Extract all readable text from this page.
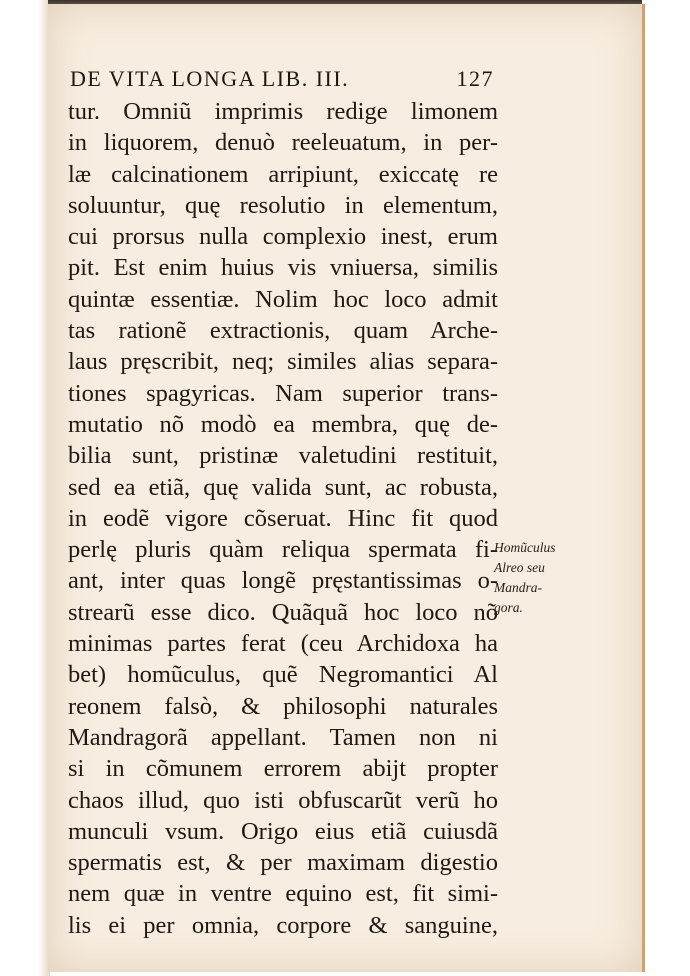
DE VITA LONGA LIB. III.	127
tur. Omniũ imprimis redige limonem
in liquorem, denuò reeleuatum, in per-
læ calcinationem arripiunt, exiccatę re
soluuntur, quę resolutio in elementum,
cui prorsus nulla complexio inest, erum
pit. Est enim huius vis vniuersa, similis
quintæ essentiæ. Nolim hoc loco admit
tas rationẽ extractionis, quam Arche-
laus pręscribit, neq; similes alias separa-
tiones spagyricas. Nam superior trans-
mutatio nõ modò ea membra, quę de-
bilia sunt, pristinæ valetudini restituit,
sed ea etiã, quę valida sunt, ac robusta,
in eodẽ vigore cõseruat. Hinc fit quod
perlę pluris quàm reliqua spermata fi-
ant, inter quas longẽ pręstantissimas o-
strearũ esse dico. Quãquã hoc loco nõ
minimas partes ferat (ceu Archidoxa ha
bet) homũculus, quẽ Negromantici Al
reonem falsò, & philosophi naturales
Mandragorã appellant. Tamen non ni
si in cõmunem errorem abijt propter
chaos illud, quo isti obfuscarũt verũ ho
munculi vsum. Origo eius etiã cuiusdã
spermatis est, & per maximam digestio
nem quæ in ventre equino est, fit simi-
lis ei per omnia, corpore & sanguine,
Homũculus
Alreo seu
Mandra-
gora.
